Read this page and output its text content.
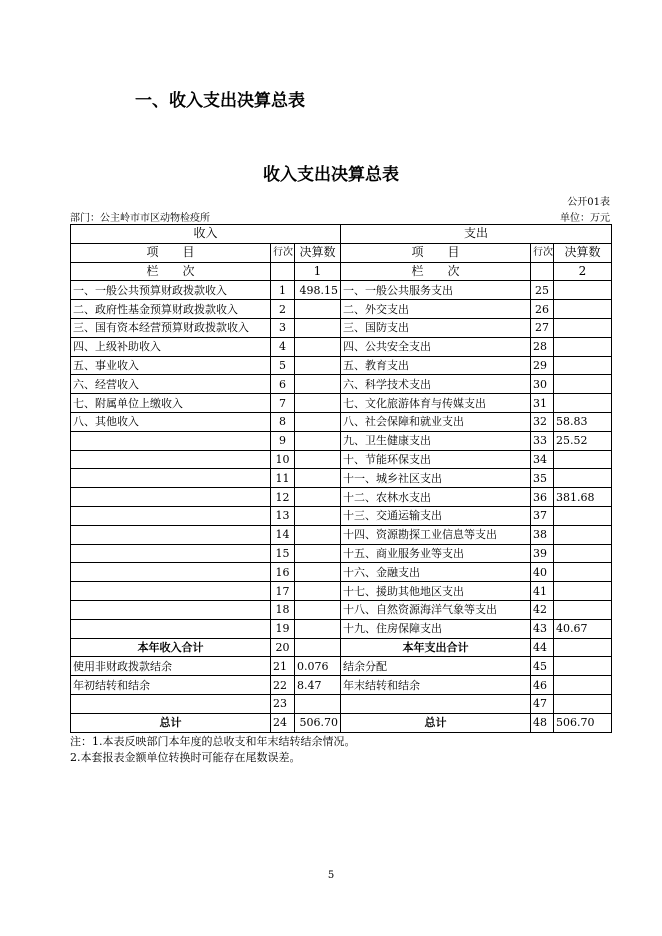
一、收入支出决算总表
收入支出决算总表
公开01表
部门：公主岭市市区动物检疫所	单位：万元
收入			支出		
项　　目	行次	决算数	项　　目	行次	决算数
栏　　次		1	栏　　次		2
一、一般公共预算财政拨款收入	1	498.15	一、一般公共服务支出	25	
二、政府性基金预算财政拨款收入	2		二、外交支出	26	
三、国有资本经营预算财政拨款收入	3		三、国防支出	27	
四、上级补助收入	4		四、公共安全支出	28	
五、事业收入	5		五、教育支出	29	
六、经营收入	6		六、科学技术支出	30	
七、附属单位上缴收入	7		七、文化旅游体育与传媒支出	31	
八、其他收入	8		八、社会保障和就业支出	32	58.83
	9		九、卫生健康支出	33	25.52
	10		十、节能环保支出	34	
	11		十一、城乡社区支出	35	
	12		十二、农林水支出	36	381.68
	13		十三、交通运输支出	37	
	14		十四、资源勘探工业信息等支出	38	
	15		十五、商业服务业等支出	39	
	16		十六、金融支出	40	
	17		十七、援助其他地区支出	41	
	18		十八、自然资源海洋气象等支出	42	
	19		十九、住房保障支出	43	40.67
本年收入合计	20		本年支出合计	44	
使用非财政拨款结余	21	0.076	结余分配	45	
年初结转和结余	22	8.47	年末结转和结余	46	
	23			47	
总计	24	506.70	总计	48	506.70
注：1.本表反映部门本年度的总收支和年末结转结余情况。
2.本套报表金额单位转换时可能存在尾数误差。
5
